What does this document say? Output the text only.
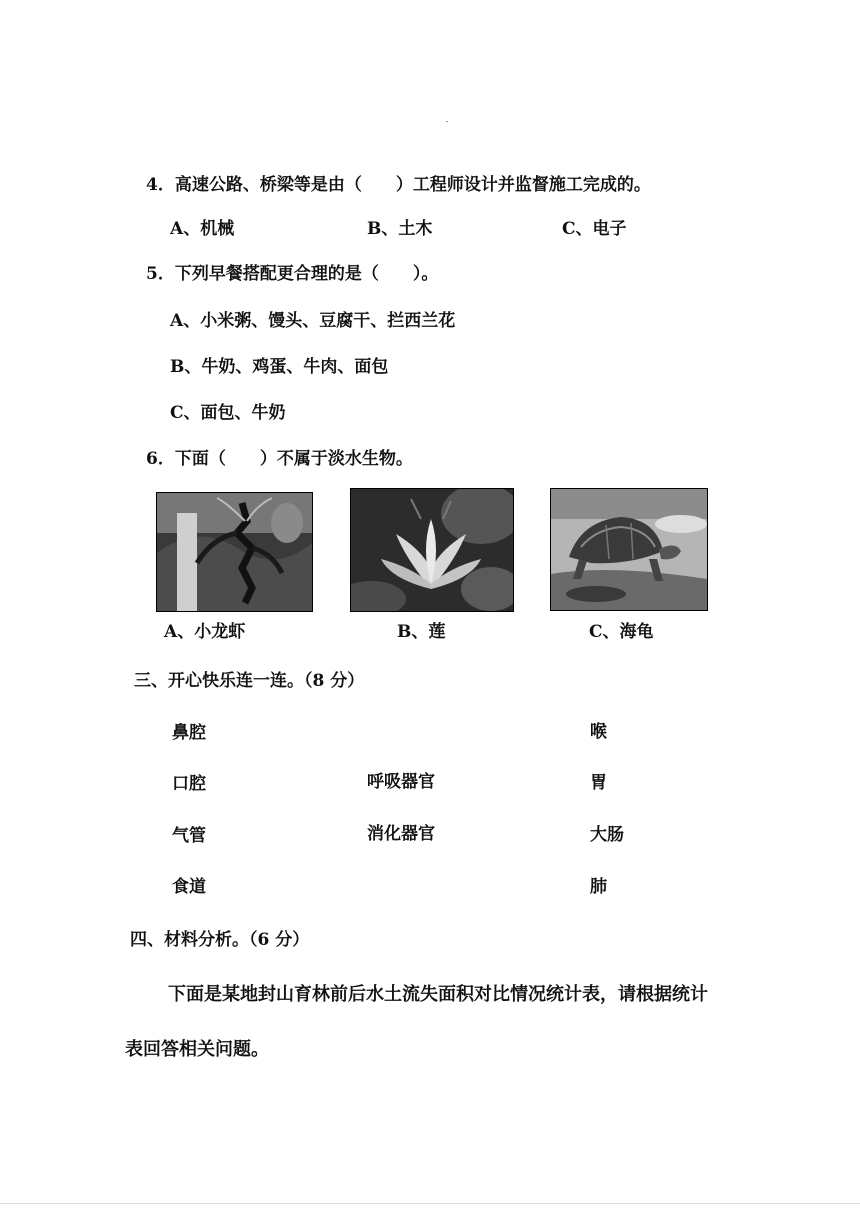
4．高速公路、桥梁等是由（　　）工程师设计并监督施工完成的。
A、机械	B、土木	C、电子
5．下列早餐搭配更合理的是（　　）。
A、小米粥、馒头、豆腐干、拦西兰花
B、牛奶、鸡蛋、牛肉、面包
C、面包、牛奶
6．下面（　　）不属于淡水生物。
A、小龙虾	B、莲	C、海龟
三、开心快乐连一连。（8 分）
鼻腔
口腔
气管
食道
呼吸器官
消化器官
喉
胃
大肠
肺
四、材料分析。（6 分）
下面是某地封山育林前后水土流失面积对比情况统计表，请根据统计
表回答相关问题。
